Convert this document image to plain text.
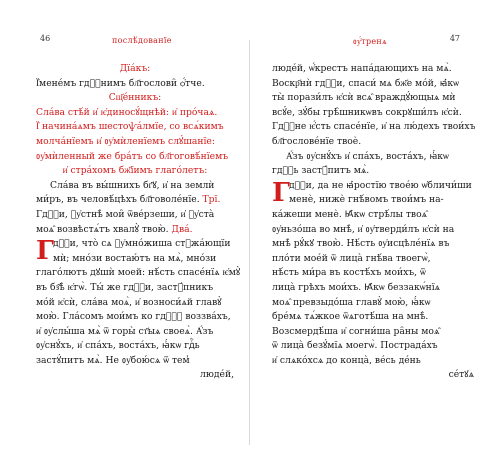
46	послѣ́дованїе
Дїа́къ:
Ї҆мене́мъ гдⷭ҇нимъ бл҃гослови̑ ѻ҆́тче.
Сщ҃е́нникъ:
Сла́ва стѣ́й и҆ ѥ҆диносꙋ́щнѣй: и҆ про́чаѧ.
Ї҆ начина́ѧмъ шестоѱа́лмїе, со всѧ́кимъ
молча́нїемъ и҆ ᲂу҆мѝленїемъ слꙋ́шанїе:
ᲂу҆мѝленный же бра́тъ со бл҃гоговѣ́нїемъ
и҆ стра́хомъ бж҃їимъ глаго́летъ:
Сла́ва въ вы́шнихъ бг҃ꙋ, и҆ на землѝ
ми́ръ, въ человѣ́цѣхъ бл҃говоле́нїе. Трї.
Гдⷭ҇и, ᲂу҆стнѣ̀ мои̑ ѿве́рзеши, и҆ ᲂу҆ста̀
моѧ̑ возвѣстѧ́тъ хвалꙋ̀ твою̀. Два́.
Г дⷭ҇и, что̀ сѧ ᲂу҆мно́жиша стꙋжа́ющїи
мѝ; мно́зи востаю́тъ на мѧ̀, мно́зи
глаго́лютъ дꙋшѝ моей: нѣ́сть спасе́нїѧ ѥ҆мꙋ̀
въ бз҃ѣ̀ ѥ҆гѡ̀. Ты́ же гдⷭ҇и, застꙋ́пникъ
мо́й ѥ҆сѝ, сла́ва моѧ̀, и҆ возноси́ѧй главꙋ̀
мою̀. Гла́сомъ мои́мъ ко гдⷭ҇ꙋ воззва́хъ,
и҆ ᲂу҆слы́ша мѧ̀ ѿ горы̀ ст҃ыѧ своеѧ̀. А҆́зъ
ᲂу҆снꙋ́хъ, и҆ спа́хъ, воста́хъ, ꙗ҆́кѡ гдⷭ҇ь
застꙋ́питъ мѧ̀. Не ᲂу҆бою́сѧ ѿ тем̾
люде́й,
47
ᲂу҆́тренѧ
люде́й, ѡ҆́крестъ напа́дающихъ на мѧ̀.
Воскр҃нѝ гдⷭ҇и, спаси́ мѧ бж҃е мо́й, ꙗ҆́кѡ
ты̀ порази́лъ ѥ҆сѝ всѧ̑ враждꙋ́ющыѧ мѝ
всꙋ́е, зꙋ́бы грѣ̑шникѡвъ сокрꙋши́лъ ѥ҆сѝ.
Гдⷭ҇не ѥ҆́сть спасе́нїе, и҆ на лю́дехъ твои́хъ
бл҃гослове́нїе твоѐ.
А҆́зъ ᲂу҆снꙋ́хъ и҆ спа́хъ, воста́хъ, ꙗ҆́кѡ
гдⷭ҇ь застꙋ́питъ мѧ̀.
Г дⷭ҇и, да не ꙗ҆́ростїю твое́ю ѡ҆бличи́ши
менѐ, нижѐ гнѣ́вомъ твои́мъ на-
ка́жеши менѐ. Ꙗ҆́кѡ стрѣ́лы твоѧ̑
ᲂу҆ньзо́ша во мнѣ̀, и҆ ᲂу҆тверди́лъ ѥ҆сѝ на
мнѣ̀ рꙋ́кꙋ твою̀. Нѣ́сть ᲂу҆исцѣле́нїѧ въ
пло́ти мое́й ѿ лица̀ гнѣ́ва твоегѡ̀,
нѣ́сть ми́ра въ костѣ́хъ мои́хъ, ѿ
лица̀ грѣхъ мои́хъ. Ꙗ҆́кѡ беззакѡ́нїѧ
моѧ̑ превзыдо́ша главꙋ̀ мою̀, ꙗ҆́кѡ
бре́мѧ тѧ́жкое ѿѧготѣ́ша на мнѣ̀.
Возсмердѣ́ша и҆ согни́ша ра̑ны моѧ̑
ѿ лица̀ безꙋ́мїѧ моегѡ̀. Пострада́хъ
и҆ слѧко́хсѧ до конца̀, ве́сь де́нь
се́тꙋѧ
